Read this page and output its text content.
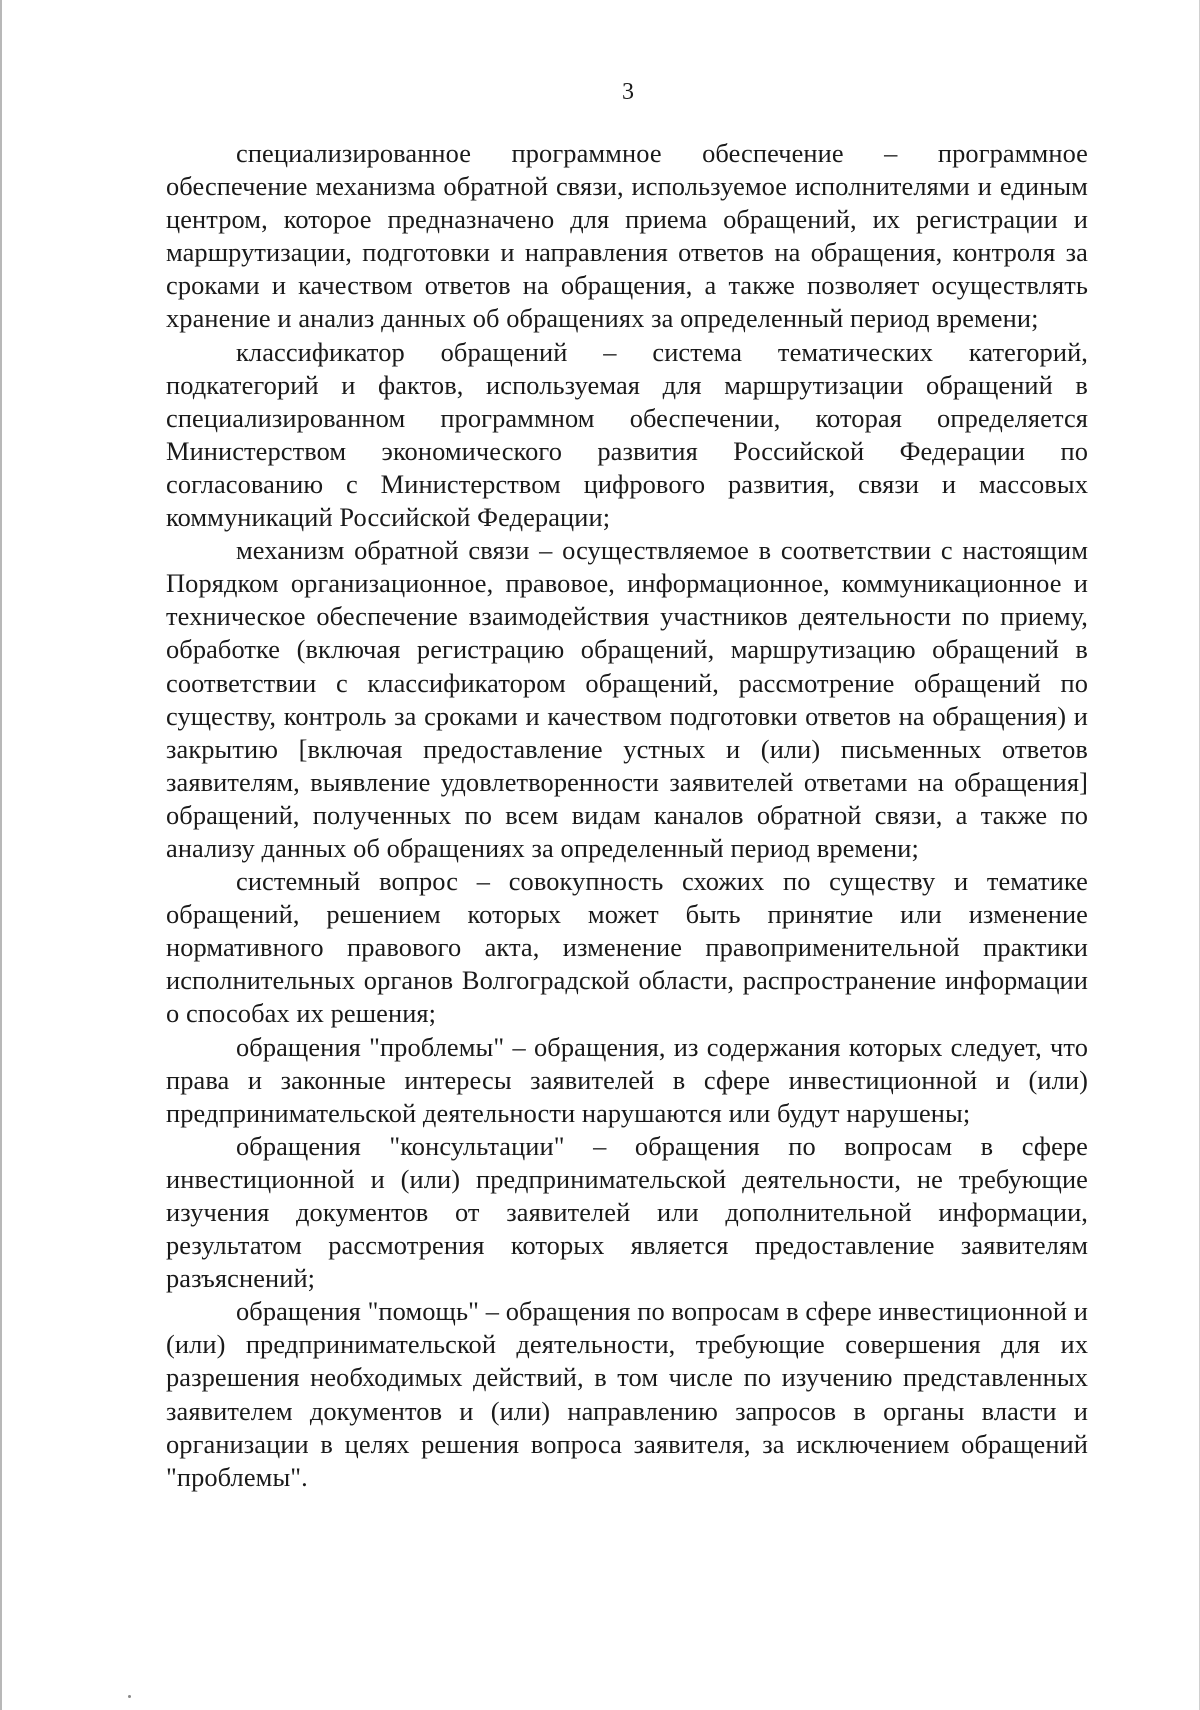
3

специализированное программное обеспечение – программное обеспечение механизма обратной связи, используемое исполнителями и единым центром, которое предназначено для приема обращений, их регистрации и маршрутизации, подготовки и направления ответов на обращения, контроля за сроками и качеством ответов на обращения, а также позволяет осуществлять хранение и анализ данных об обращениях за определенный период времени;

классификатор обращений – система тематических категорий, подкатегорий и фактов, используемая для маршрутизации обращений в специализированном программном обеспечении, которая определяется Министерством экономического развития Российской Федерации по согласованию с Министерством цифрового развития, связи и массовых коммуникаций Российской Федерации;

механизм обратной связи – осуществляемое в соответствии с настоящим Порядком организационное, правовое, информационное, коммуникационное и техническое обеспечение взаимодействия участников деятельности по приему, обработке (включая регистрацию обращений, маршрутизацию обращений в соответствии с классификатором обращений, рассмотрение обращений по существу, контроль за сроками и качеством подготовки ответов на обращения) и закрытию [включая предоставление устных и (или) письменных ответов заявителям, выявление удовлетворенности заявителей ответами на обращения] обращений, полученных по всем видам каналов обратной связи, а также по анализу данных об обращениях за определенный период времени;

системный вопрос – совокупность схожих по существу и тематике обращений, решением которых может быть принятие или изменение нормативного правового акта, изменение правоприменительной практики исполнительных органов Волгоградской области, распространение информации о способах их решения;

обращения "проблемы" – обращения, из содержания которых следует, что права и законные интересы заявителей в сфере инвестиционной и (или) предпринимательской деятельности нарушаются или будут нарушены;

обращения "консультации" – обращения по вопросам в сфере инвестиционной и (или) предпринимательской деятельности, не требующие изучения документов от заявителей или дополнительной информации, результатом рассмотрения которых является предоставление заявителям разъяснений;

обращения "помощь" – обращения по вопросам в сфере инвестиционной и (или) предпринимательской деятельности, требующие совершения для их разрешения необходимых действий, в том числе по изучению представленных заявителем документов и (или) направлению запросов в органы власти и организации в целях решения вопроса заявителя, за исключением обращений "проблемы".
